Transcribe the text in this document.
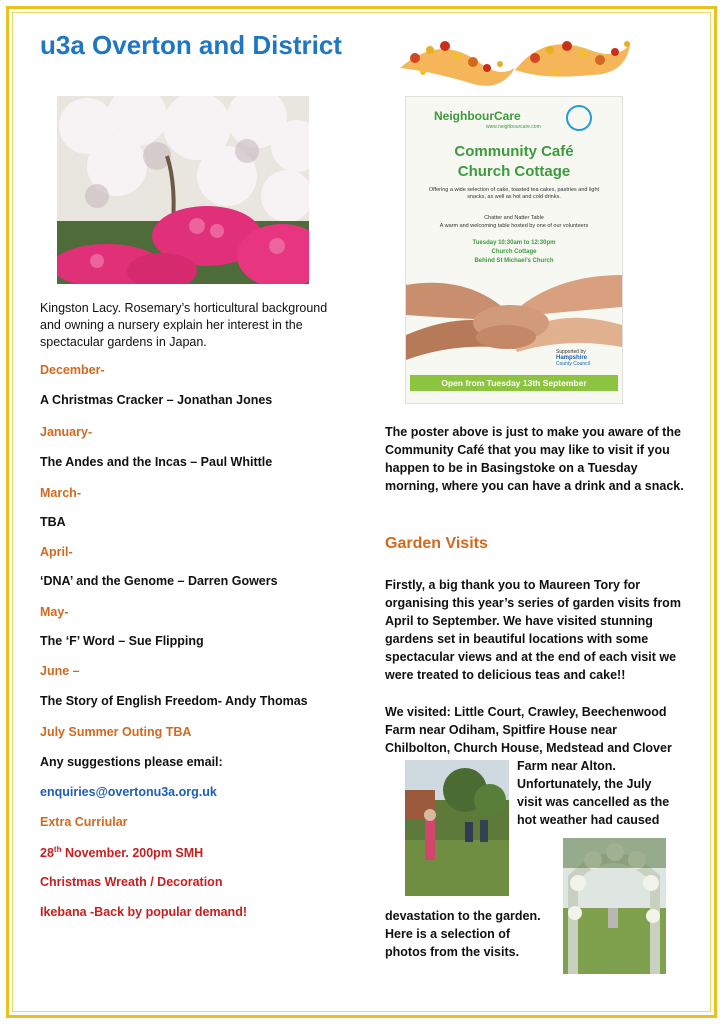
u3a Overton and District
Kingston Lacy. Rosemary’s horticultural background and owning a nursery explain her interest in the spectacular gardens in Japan.
December-
A Christmas Cracker – Jonathan Jones
January-
The Andes and the Incas – Paul Whittle
March-
TBA
April-
‘DNA’ and the Genome – Darren Gowers
May-
The ‘F’ Word – Sue Flipping
June –
The Story of English Freedom- Andy Thomas
July Summer Outing TBA
Any suggestions please email:
enquiries@overtonu3a.org.uk
Extra Curriular
28th November. 200pm SMH
Christmas Wreath / Decoration
Ikebana -Back by popular demand!
NeighbourCare
www.neighbourcare.com
Community Café
Church Cottage
Offering a wide selection of cake, toasted tea cakes, pastries and light snacks, as well as hot and cold drinks.
Chatter and Natter Table
A warm and welcoming table hosted by one of our volunteers
Tuesday 10:30am to 12:30pm
Church Cottage
Behind St Michael’s Church
Supported by
Hampshire
County Council
Open from Tuesday 13th September
The poster above is just to make you aware of the Community Café that you may like to visit if you happen to be in Basingstoke on a Tuesday morning, where you can have a drink and a snack.
Garden Visits
Firstly, a big thank you to Maureen Tory for organising this year’s series of garden visits from April to September. We have visited stunning gardens set in beautiful locations with some spectacular views and at the end of each visit we were treated to delicious teas and cake!!
We visited: Little Court, Crawley, Beechenwood
Farm near Odiham, Spitfire House near
Chilbolton, Church House, Medstead and Clover
Farm near Alton.
Unfortunately, the July
visit was cancelled as the
hot weather had caused
devastation to the garden.
Here is a selection of
photos from the visits.
